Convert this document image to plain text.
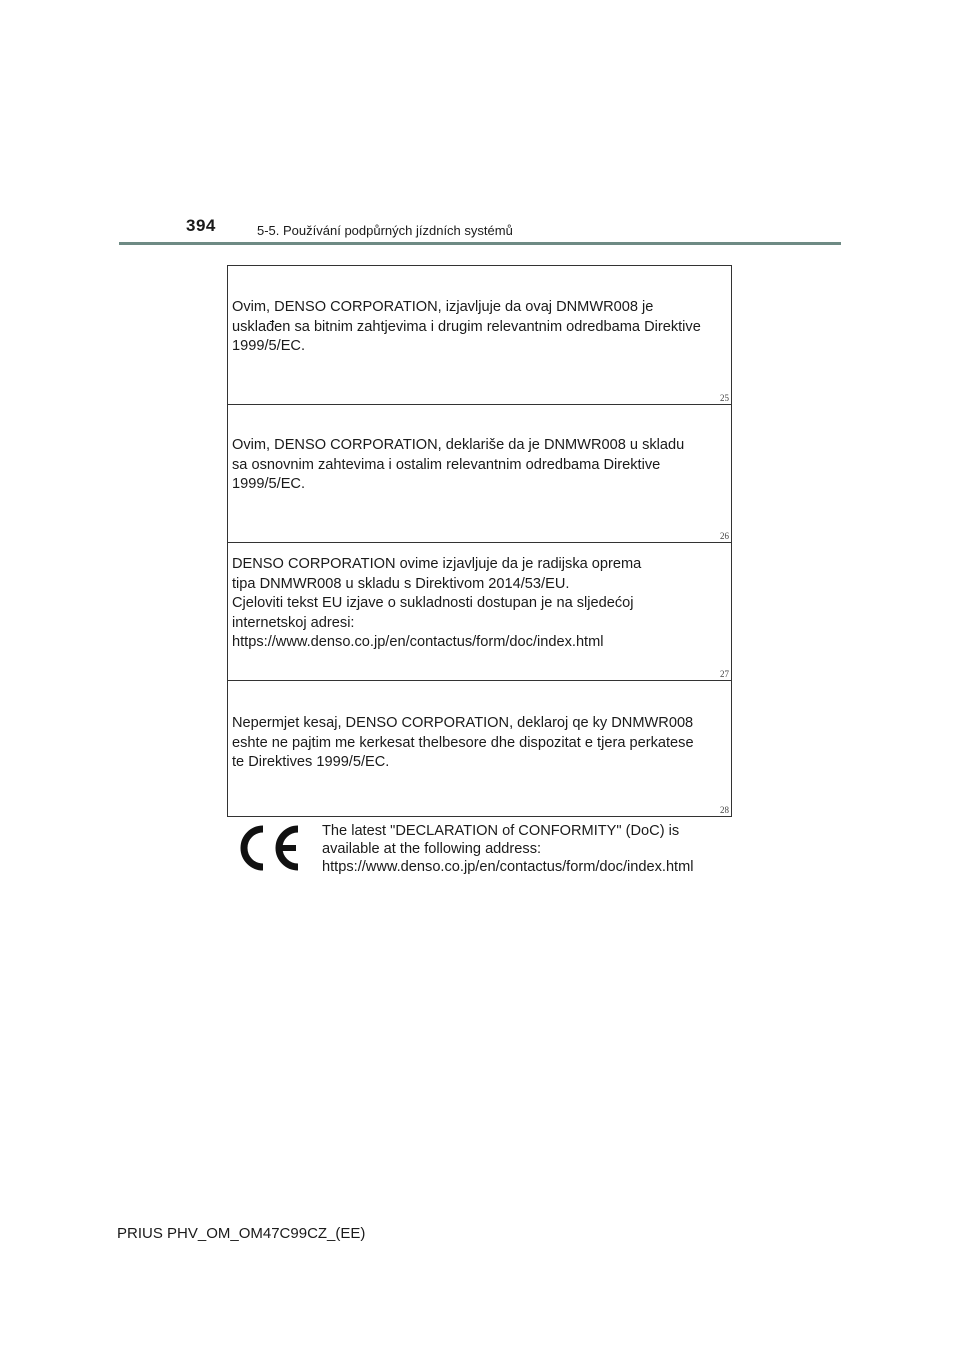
394	5-5. Používání podpůrných jízdních systémů
Ovim, DENSO CORPORATION, izjavljuje da ovaj DNMWR008 je
usklađen sa bitnim zahtjevima i drugim relevantnim odredbama Direktive
1999/5/EC.
25
Ovim, DENSO CORPORATION, deklariše da je DNMWR008 u skladu
sa osnovnim zahtevima i ostalim relevantnim odredbama Direktive
1999/5/EC.
26
DENSO CORPORATION ovime izjavljuje da je radijska oprema
tipa DNMWR008 u skladu s Direktivom 2014/53/EU.
Cjeloviti tekst EU izjave o sukladnosti dostupan je na sljedećoj
internetskoj adresi:
https://www.denso.co.jp/en/contactus/form/doc/index.html
27
Nepermjet kesaj, DENSO CORPORATION, deklaroj qe ky DNMWR008
eshte ne pajtim me kerkesat thelbesore dhe dispozitat e tjera perkatese
te Direktives 1999/5/EC.
28
The latest "DECLARATION of CONFORMITY" (DoC) is
available at the following address:
https://www.denso.co.jp/en/contactus/form/doc/index.html
PRIUS PHV_OM_OM47C99CZ_(EE)
